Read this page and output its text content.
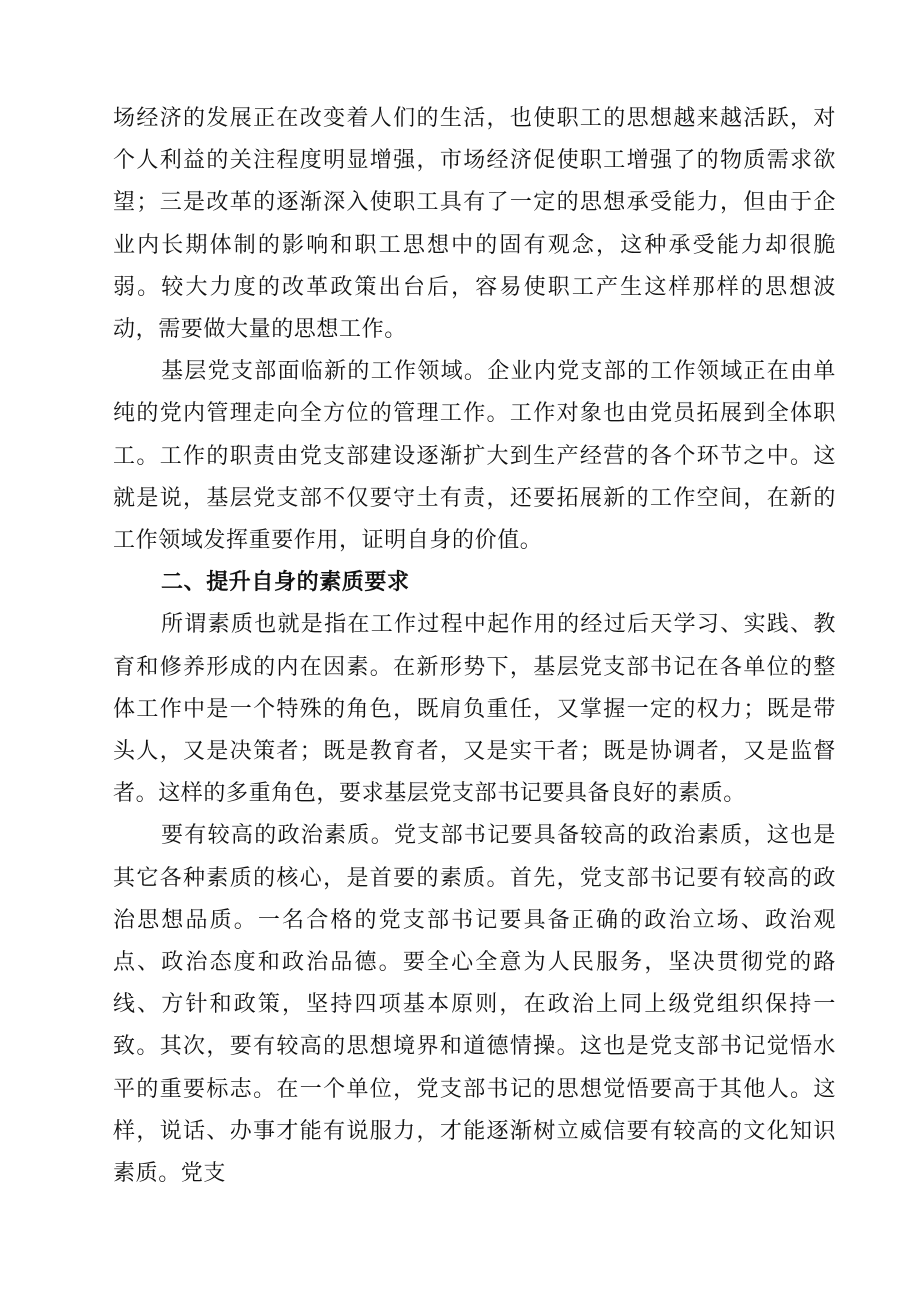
场经济的发展正在改变着人们的生活，也使职工的思想越来越活跃，对个人利益的关注程度明显增强，市场经济促使职工增强了的物质需求欲望；三是改革的逐渐深入使职工具有了一定的思想承受能力，但由于企业内长期体制的影响和职工思想中的固有观念，这种承受能力却很脆弱。较大力度的改革政策出台后，容易使职工产生这样那样的思想波动，需要做大量的思想工作。

基层党支部面临新的工作领域。企业内党支部的工作领域正在由单纯的党内管理走向全方位的管理工作。工作对象也由党员拓展到全体职工。工作的职责由党支部建设逐渐扩大到生产经营的各个环节之中。这就是说，基层党支部不仅要守土有责，还要拓展新的工作空间，在新的工作领域发挥重要作用，证明自身的价值。

二、提升自身的素质要求

所谓素质也就是指在工作过程中起作用的经过后天学习、实践、教育和修养形成的内在因素。在新形势下，基层党支部书记在各单位的整体工作中是一个特殊的角色，既肩负重任，又掌握一定的权力；既是带头人，又是决策者；既是教育者，又是实干者；既是协调者，又是监督者。这样的多重角色，要求基层党支部书记要具备良好的素质。

要有较高的政治素质。党支部书记要具备较高的政治素质，这也是其它各种素质的核心，是首要的素质。首先，党支部书记要有较高的政治思想品质。一名合格的党支部书记要具备正确的政治立场、政治观点、政治态度和政治品德。要全心全意为人民服务，坚决贯彻党的路线、方针和政策，坚持四项基本原则，在政治上同上级党组织保持一致。其次，要有较高的思想境界和道德情操。这也是党支部书记觉悟水平的重要标志。在一个单位，党支部书记的思想觉悟要高于其他人。这样，说话、办事才能有说服力，才能逐渐树立威信要有较高的文化知识素质。党支
